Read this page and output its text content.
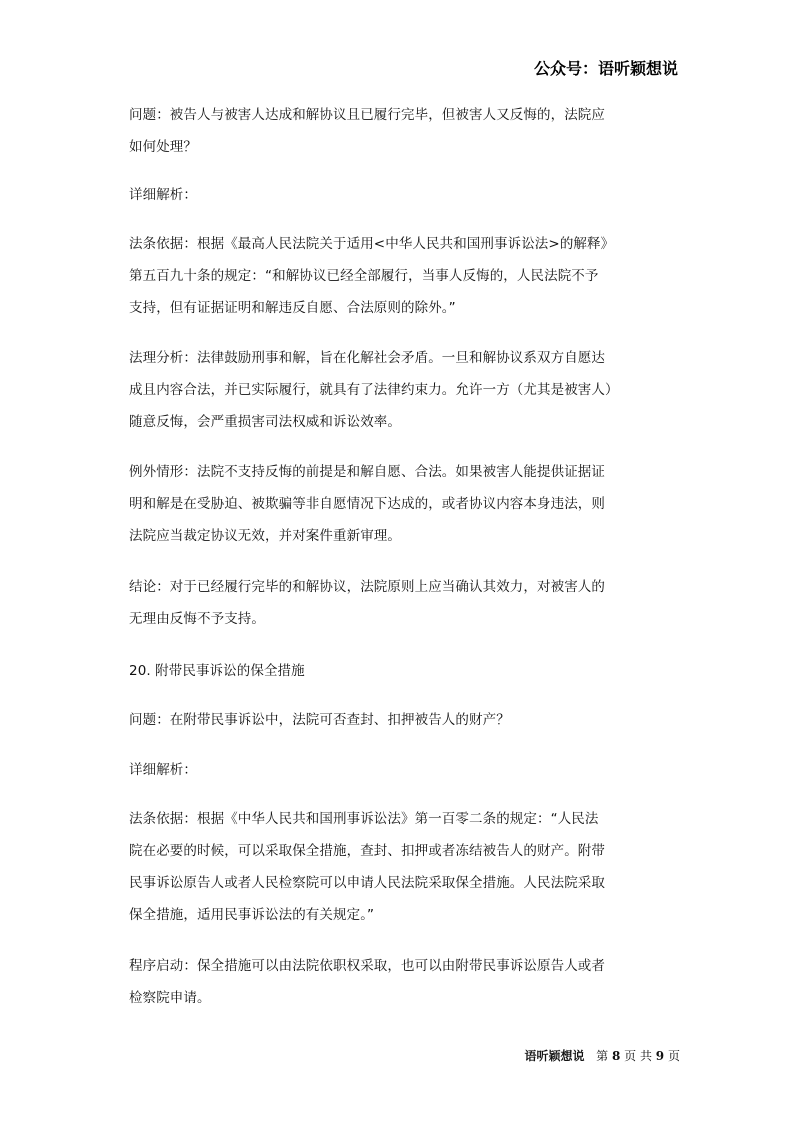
公众号：语听颖想说
问题：被告人与被害人达成和解协议且已履行完毕，但被害人又反悔的，法院应
如何处理？
详细解析：
法条依据：根据《最高人民法院关于适用<中华人民共和国刑事诉讼法>的解释》
第五百九十条的规定：“和解协议已经全部履行，当事人反悔的，人民法院不予
支持，但有证据证明和解违反自愿、合法原则的除外。”
法理分析：法律鼓励刑事和解，旨在化解社会矛盾。一旦和解协议系双方自愿达
成且内容合法，并已实际履行，就具有了法律约束力。允许一方（尤其是被害人）
随意反悔，会严重损害司法权威和诉讼效率。
例外情形：法院不支持反悔的前提是和解自愿、合法。如果被害人能提供证据证
明和解是在受胁迫、被欺骗等非自愿情况下达成的，或者协议内容本身违法，则
法院应当裁定协议无效，并对案件重新审理。
结论：对于已经履行完毕的和解协议，法院原则上应当确认其效力，对被害人的
无理由反悔不予支持。
20. 附带民事诉讼的保全措施
问题：在附带民事诉讼中，法院可否查封、扣押被告人的财产？
详细解析：
法条依据：根据《中华人民共和国刑事诉讼法》第一百零二条的规定：“人民法
院在必要的时候，可以采取保全措施，查封、扣押或者冻结被告人的财产。附带
民事诉讼原告人或者人民检察院可以申请人民法院采取保全措施。人民法院采取
保全措施，适用民事诉讼法的有关规定。”
程序启动：保全措施可以由法院依职权采取，也可以由附带民事诉讼原告人或者
检察院申请。
语听颖想说 第 8 页 共 9 页
